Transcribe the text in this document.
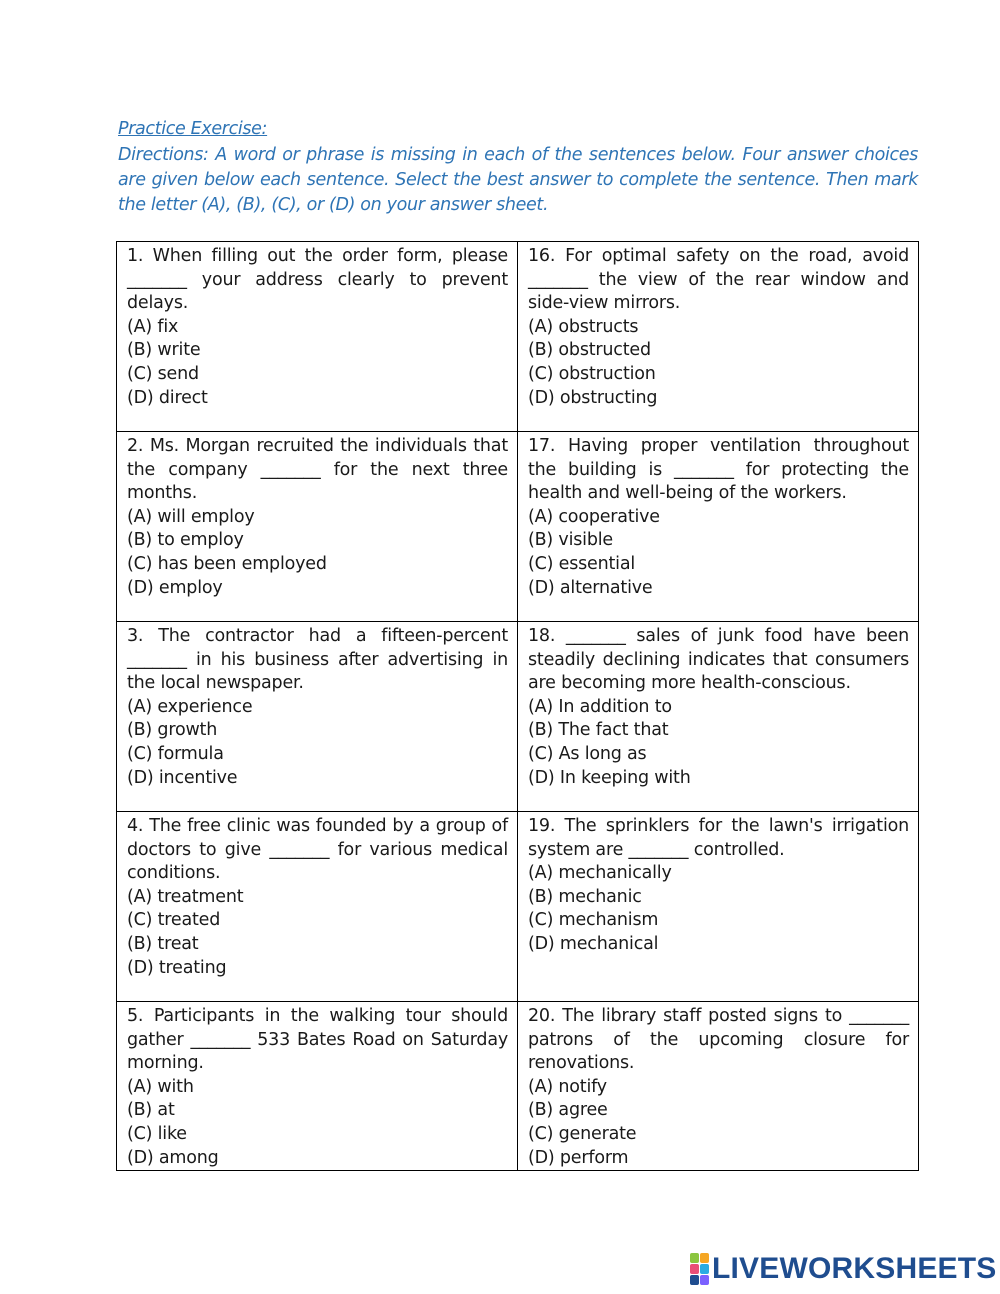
Practice Exercise:
Directions: A word or phrase is missing in each of the sentences below. Four answer choices are given below each sentence. Select the best answer to complete the sentence. Then mark the letter (A), (B), (C), or (D) on your answer sheet.
1. When filling out the order form, please _______ your address clearly to prevent delays.
(A) fix
(B) write
(C) send
(D) direct	16. For optimal safety on the road, avoid _______ the view of the rear window and side-view mirrors.
(A) obstructs
(B) obstructed
(C) obstruction
(D) obstructing

2. Ms. Morgan recruited the individuals that the company _______ for the next three months.
(A) will employ
(B) to employ
(C) has been employed
(D) employ	17. Having proper ventilation throughout the building is _______ for protecting the health and well-being of the workers.
(A) cooperative
(B) visible
(C) essential
(D) alternative

3. The contractor had a fifteen-percent _______ in his business after advertising in the local newspaper.
(A) experience
(B) growth
(C) formula
(D) incentive	18. _______ sales of junk food have been steadily declining indicates that consumers are becoming more health-conscious.
(A) In addition to
(B) The fact that
(C) As long as
(D) In keeping with

4. The free clinic was founded by a group of doctors to give _______ for various medical conditions.
(A) treatment
(C) treated
(B) treat
(D) treating	19. The sprinklers for the lawn's irrigation system are _______ controlled.
(A) mechanically
(B) mechanic
(C) mechanism
(D) mechanical

5. Participants in the walking tour should gather _______ 533 Bates Road on Saturday morning.
(A) with
(B) at
(C) like
(D) among	20. The library staff posted signs to _______ patrons of the upcoming closure for renovations.
(A) notify
(B) agree
(C) generate
(D) perform
LIVEWORKSHEETS
